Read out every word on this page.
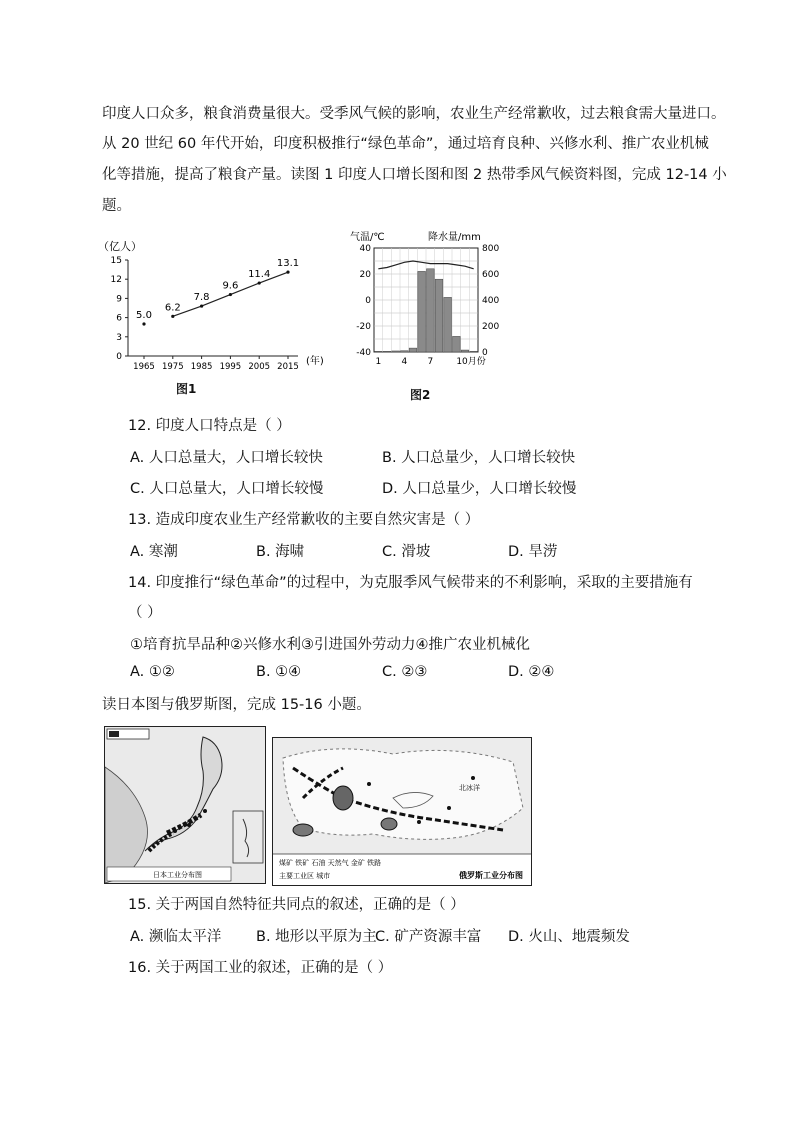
印度人口众多，粮食消费量很大。受季风气候的影响，农业生产经常歉收，过去粮食需大量进口。
从 20 世纪 60 年代开始，印度积极推行“绿色革命”，通过培育良种、兴修水利、推广农业机械
化等措施，提高了粮食产量。读图 1 印度人口增长图和图 2 热带季风气候资料图，完成 12-14 小
题。
（亿人）
0
3
6
9
12
15
1965 1975 1985 1995 2005 2015
5.0
6.2
7.8
9.6
11.4
13.1
(年)
图1
气温/℃	降水量/mm
40
20
0
-20
-40
800
600
400
200
0
1 4 7	10月份
图2
12. 印度人口特点是（ ）
A. 人口总量大，人口增长较快	B. 人口总量少，人口增长较快
C. 人口总量大，人口增长较慢	D. 人口总量少，人口增长较慢
13. 造成印度农业生产经常歉收的主要自然灾害是（ ）
A. 寒潮	B. 海啸	C. 滑坡	D. 旱涝
14. 印度推行“绿色革命”的过程中，为克服季风气候带来的不利影响，采取的主要措施有
（ ）
①培育抗旱品种②兴修水利③引进国外劳动力④推广农业机械化
A. ①②	B. ①④	C. ②③	D. ②④
读日本图与俄罗斯图，完成 15-16 小题。
日本工业分布图
北冰洋
煤矿 铁矿 石油 天然气 金矿 铁路
主要工业区 城市	俄罗斯工业分布图
15. 关于两国自然特征共同点的叙述，正确的是（ ）
A. 濒临太平洋 B. 地形以平原为主
C. 矿产资源丰富 D. 火山、地震频发
16. 关于两国工业的叙述，正确的是（ ）
